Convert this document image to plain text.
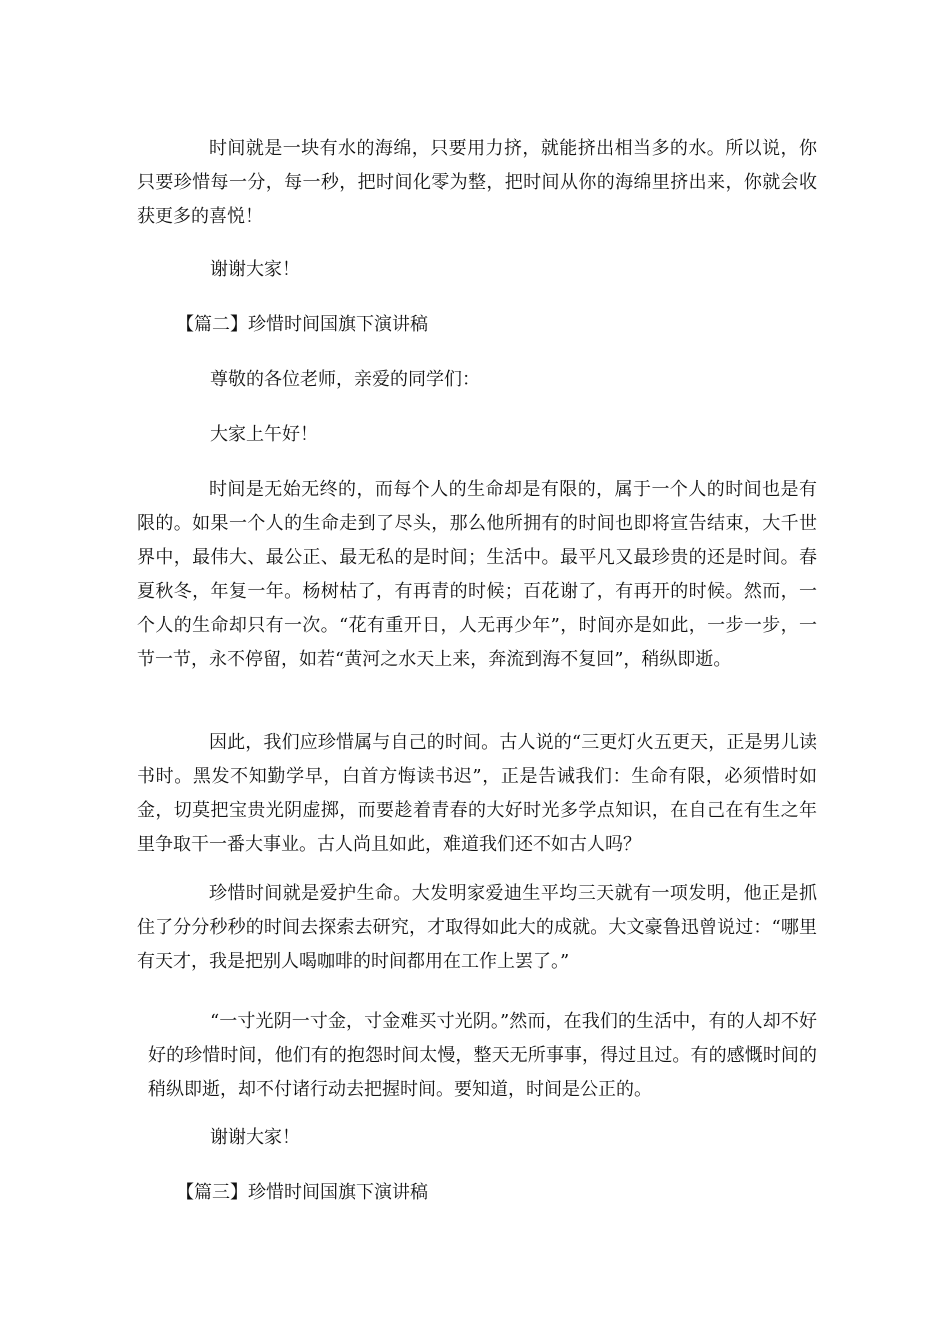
时间就是一块有水的海绵，只要用力挤，就能挤出相当多的水。所以说，你只要珍惜每一分，每一秒，把时间化零为整，把时间从你的海绵里挤出来，你就会收获更多的喜悦！

谢谢大家！

【篇二】珍惜时间国旗下演讲稿

尊敬的各位老师，亲爱的同学们：

大家上午好！

时间是无始无终的，而每个人的生命却是有限的，属于一个人的时间也是有限的。如果一个人的生命走到了尽头，那么他所拥有的时间也即将宣告结束，大千世界中，最伟大、最公正、最无私的是时间；生活中。最平凡又最珍贵的还是时间。春夏秋冬，年复一年。杨树枯了，有再青的时候；百花谢了，有再开的时候。然而，一个人的生命却只有一次。“花有重开日，人无再少年”，时间亦是如此，一步一步，一节一节，永不停留，如若“黄河之水天上来，奔流到海不复回”，稍纵即逝。

因此，我们应珍惜属与自己的时间。古人说的“三更灯火五更天，正是男儿读书时。黑发不知勤学早，白首方悔读书迟”，正是告诫我们：生命有限，必须惜时如金，切莫把宝贵光阴虚掷，而要趁着青春的大好时光多学点知识，在自己在有生之年里争取干一番大事业。古人尚且如此，难道我们还不如古人吗？

珍惜时间就是爱护生命。大发明家爱迪生平均三天就有一项发明，他正是抓住了分分秒秒的时间去探索去研究，才取得如此大的成就。大文豪鲁迅曾说过：“哪里有天才，我是把别人喝咖啡的时间都用在工作上罢了。”

“一寸光阴一寸金，寸金难买寸光阴。”然而，在我们的生活中，有的人却不好好的珍惜时间，他们有的抱怨时间太慢，整天无所事事，得过且过。有的感慨时间的稍纵即逝，却不付诸行动去把握时间。要知道，时间是公正的。

谢谢大家！

【篇三】珍惜时间国旗下演讲稿
